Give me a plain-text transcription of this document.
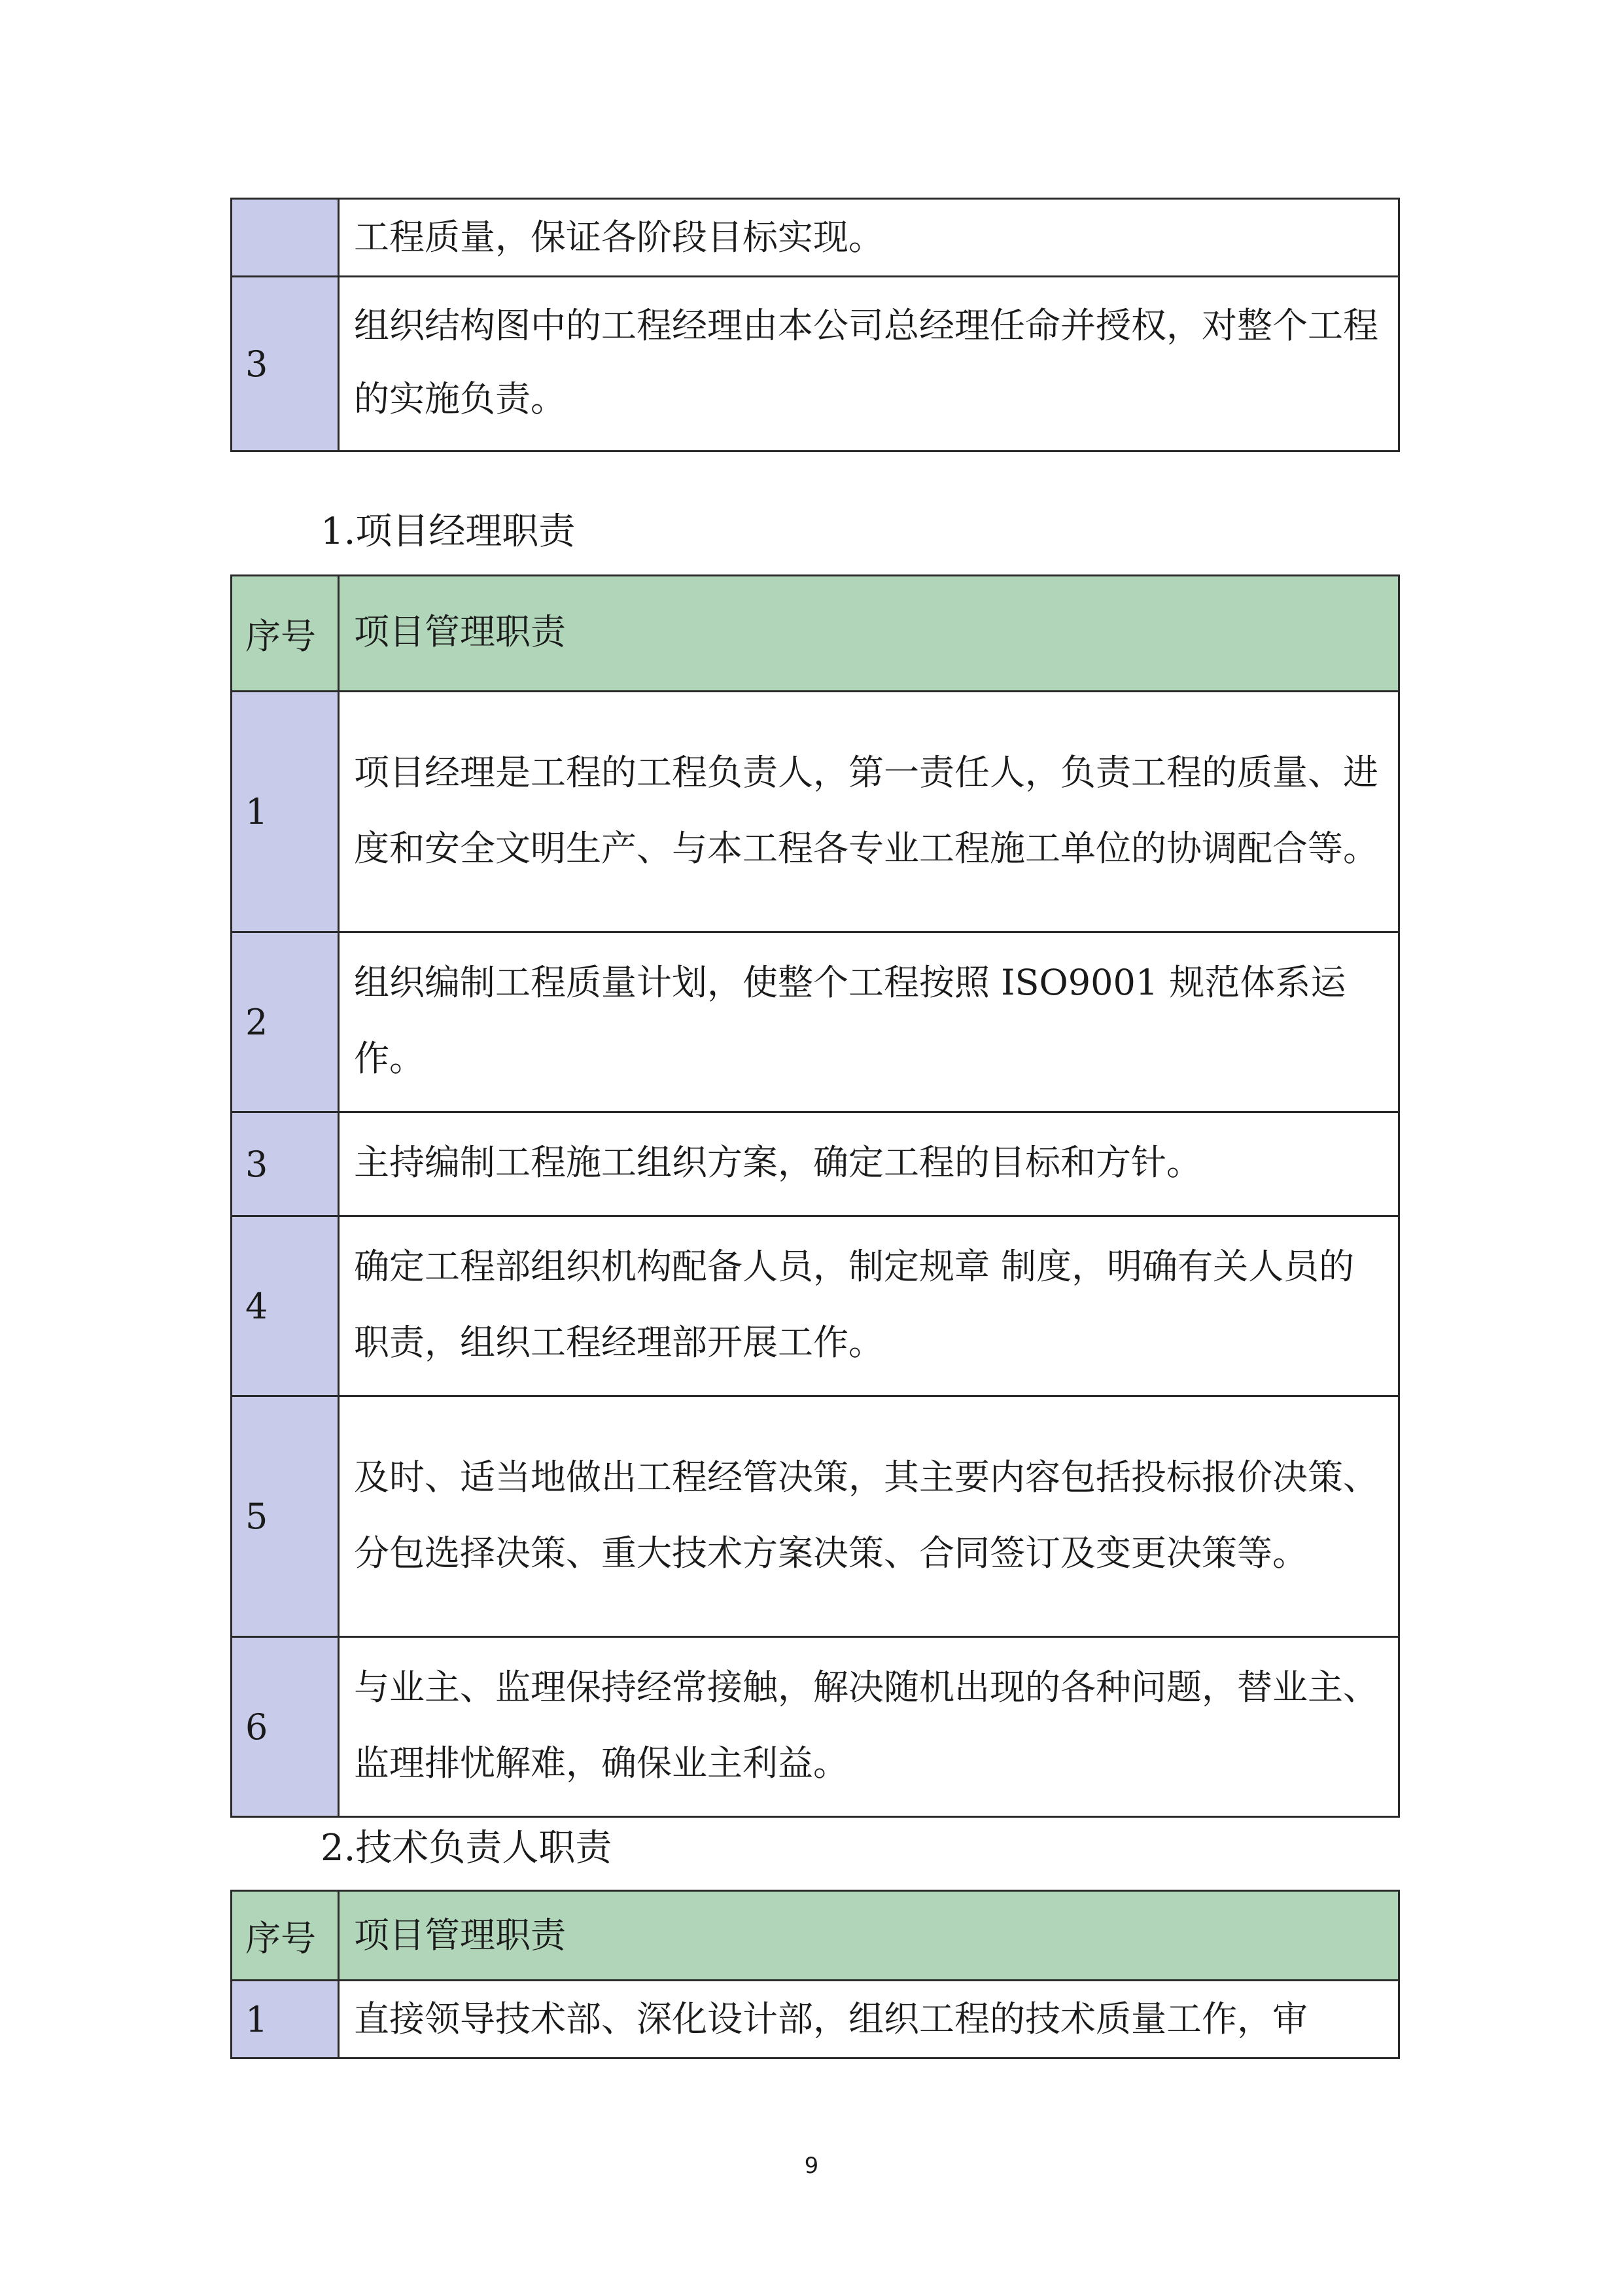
	工程质量，保证各阶段目标实现。
3	组织结构图中的工程经理由本公司总经理任命并授权，对整个工程的实施负责。
1.项目经理职责
序号	项目管理职责
1	项目经理是工程的工程负责人，第一责任人，负责工程的质量、进度和安全文明生产、与本工程各专业工程施工单位的协调配合等。
2	组织编制工程质量计划，使整个工程按照 ISO9001 规范体系运作。
3	主持编制工程施工组织方案，确定工程的目标和方针。
4	确定工程部组织机构配备人员，制定规章 制度，明确有关人员的职责，组织工程经理部开展工作。
5	及时、适当地做出工程经管决策，其主要内容包括投标报价决策、分包选择决策、重大技术方案决策、合同签订及变更决策等。
6	与业主、监理保持经常接触，解决随机出现的各种问题，替业主、监理排忧解难，确保业主利益。
2.技术负责人职责
序号	项目管理职责
1	直接领导技术部、深化设计部，组织工程的技术质量工作，审
9
